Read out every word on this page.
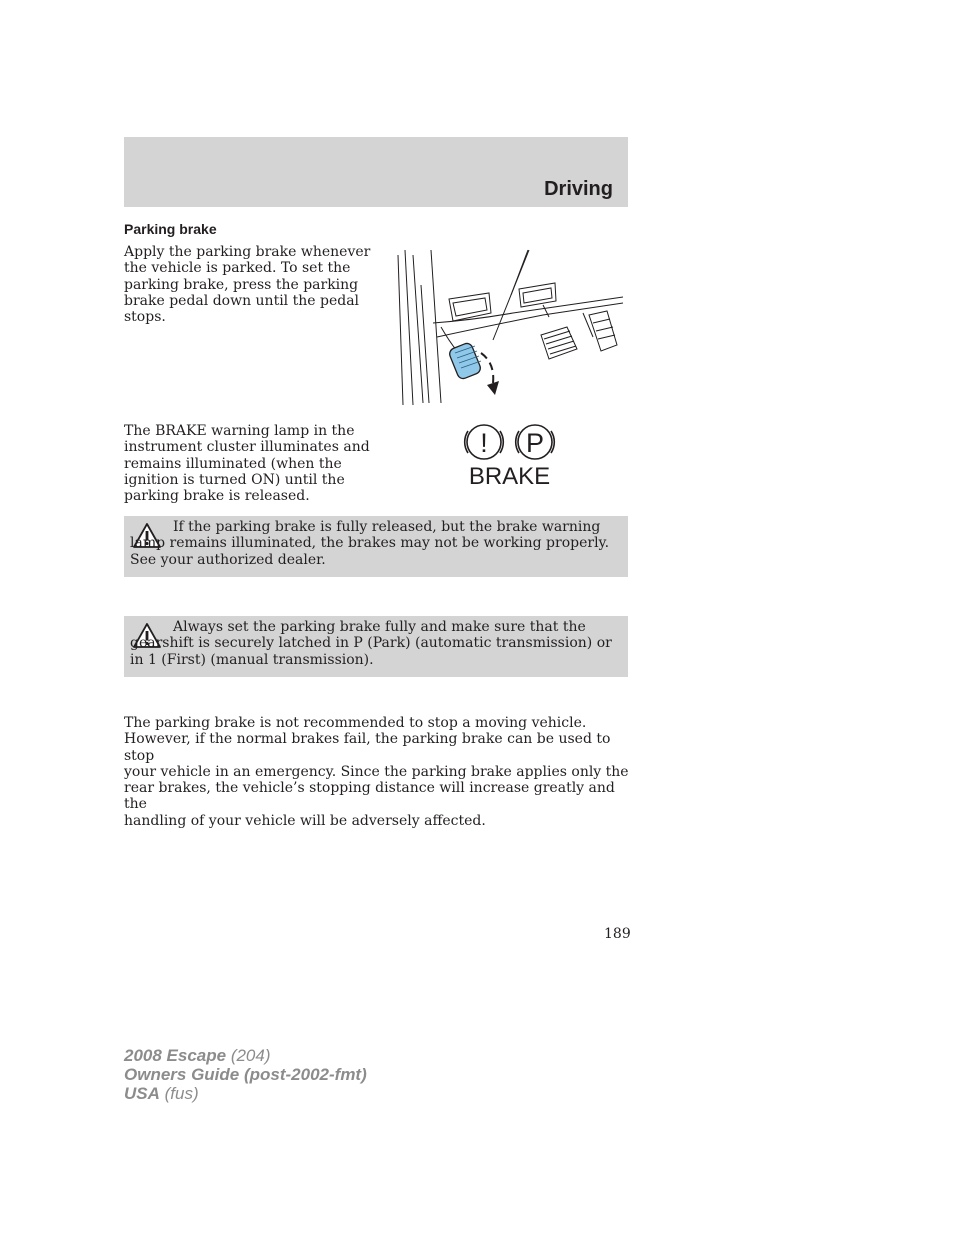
Driving
Parking brake

Apply the parking brake whenever
the vehicle is parked. To set the
parking brake, press the parking
brake pedal down until the pedal
stops.

The BRAKE warning lamp in the
instrument cluster illuminates and
remains illuminated (when the
ignition is turned ON) until the
parking brake is released.

! P
BRAKE

If the parking brake is fully released, but the brake warning lamp remains illuminated, the brakes may not be working properly. See your authorized dealer.

Always set the parking brake fully and make sure that the gearshift is securely latched in P (Park) (automatic transmission) or in 1 (First) (manual transmission).

The parking brake is not recommended to stop a moving vehicle.
However, if the normal brakes fail, the parking brake can be used to stop
your vehicle in an emergency. Since the parking brake applies only the
rear brakes, the vehicle’s stopping distance will increase greatly and the
handling of your vehicle will be adversely affected.

189
2008 Escape (204)
Owners Guide (post-2002-fmt)
USA (fus)
